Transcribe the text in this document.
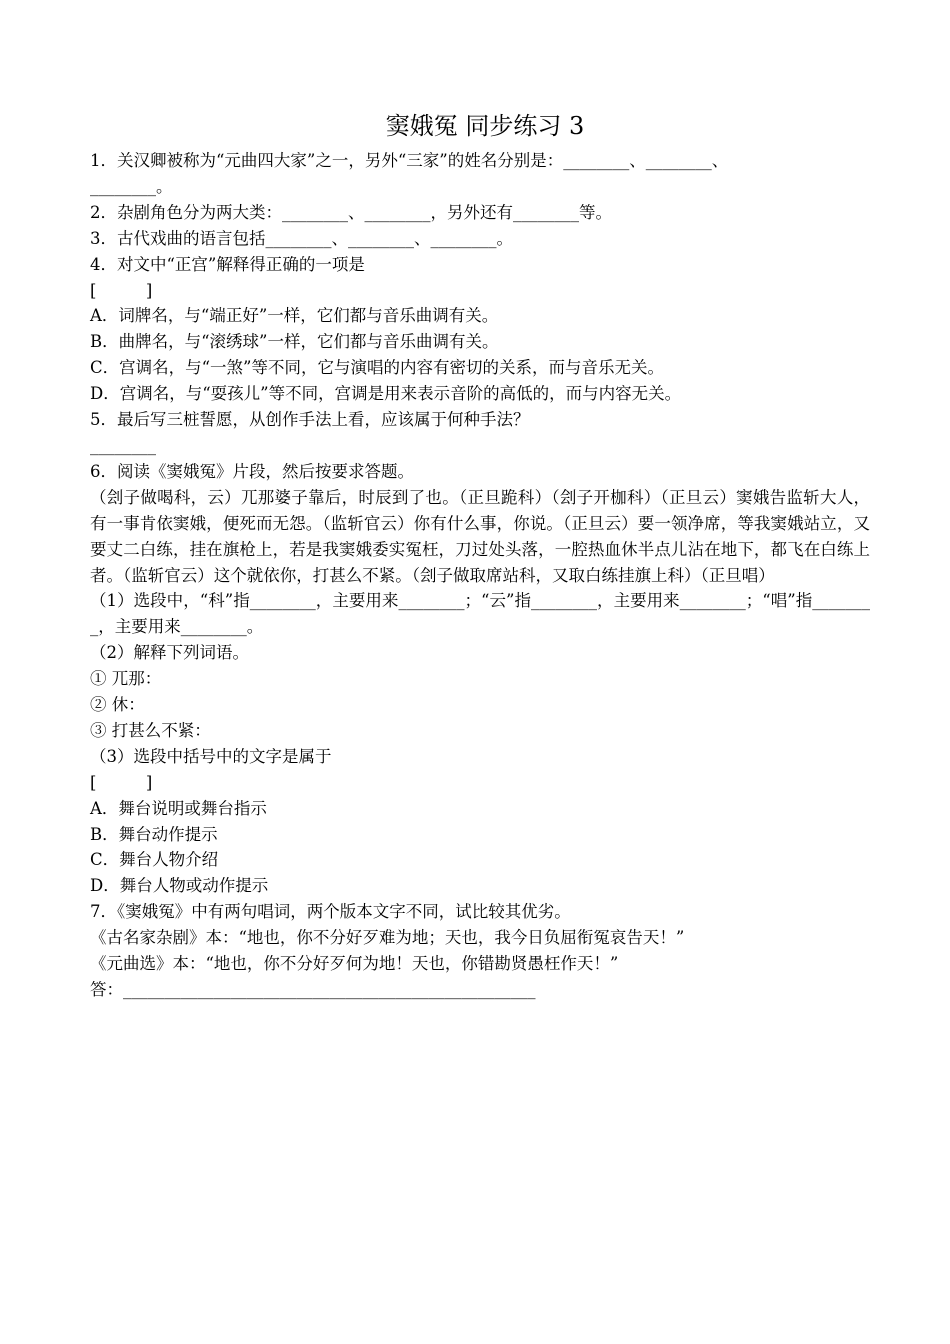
窦娥冤 同步练习 3
1．关汉卿被称为“元曲四大家”之一，另外“三家”的姓名分别是：________、________、
________。
2．杂剧角色分为两大类：________、________，另外还有________等。
3．古代戏曲的语言包括________、________、________。
4．对文中“正宫”解释得正确的一项是
[　　　]
A．词牌名，与“端正好”一样，它们都与音乐曲调有关。
B．曲牌名，与“滚绣球”一样，它们都与音乐曲调有关。
C．宫调名，与“一煞”等不同，它与演唱的内容有密切的关系，而与音乐无关。
D．宫调名，与“耍孩儿”等不同，宫调是用来表示音阶的高低的，而与内容无关。
5．最后写三桩誓愿，从创作手法上看，应该属于何种手法？
________
6．阅读《窦娥冤》片段，然后按要求答题。
（刽子做喝科，云）兀那婆子靠后，时辰到了也。（正旦跪科）（刽子开枷科）（正旦云）窦娥告监斩大人，有一事肯依窦娥，便死而无怨。（监斩官云）你有什么事，你说。（正旦云）要一领净席，等我窦娥站立，又要丈二白练，挂在旗枪上，若是我窦娥委实冤枉，刀过处头落，一腔热血休半点儿沾在地下，都飞在白练上者。（监斩官云）这个就依你，打甚么不紧。（刽子做取席站科，又取白练挂旗上科）（正旦唱）
（1）选段中，“科”指________，主要用来________；“云”指________，主要用来________；“唱”指________，主要用来________。
（2）解释下列词语。
① 兀那：
② 休：
③ 打甚么不紧：
（3）选段中括号中的文字是属于
[　　　]
A．舞台说明或舞台指示
B．舞台动作提示
C．舞台人物介绍
D．舞台人物或动作提示
7．《窦娥冤》中有两句唱词，两个版本文字不同，试比较其优劣。
《古名家杂剧》本：“地也，你不分好歹难为地；天也，我今日负屈衔冤哀告天！”
《元曲选》本：“地也，你不分好歹何为地！天也，你错勘贤愚枉作天！”
答：__________________________________________________
